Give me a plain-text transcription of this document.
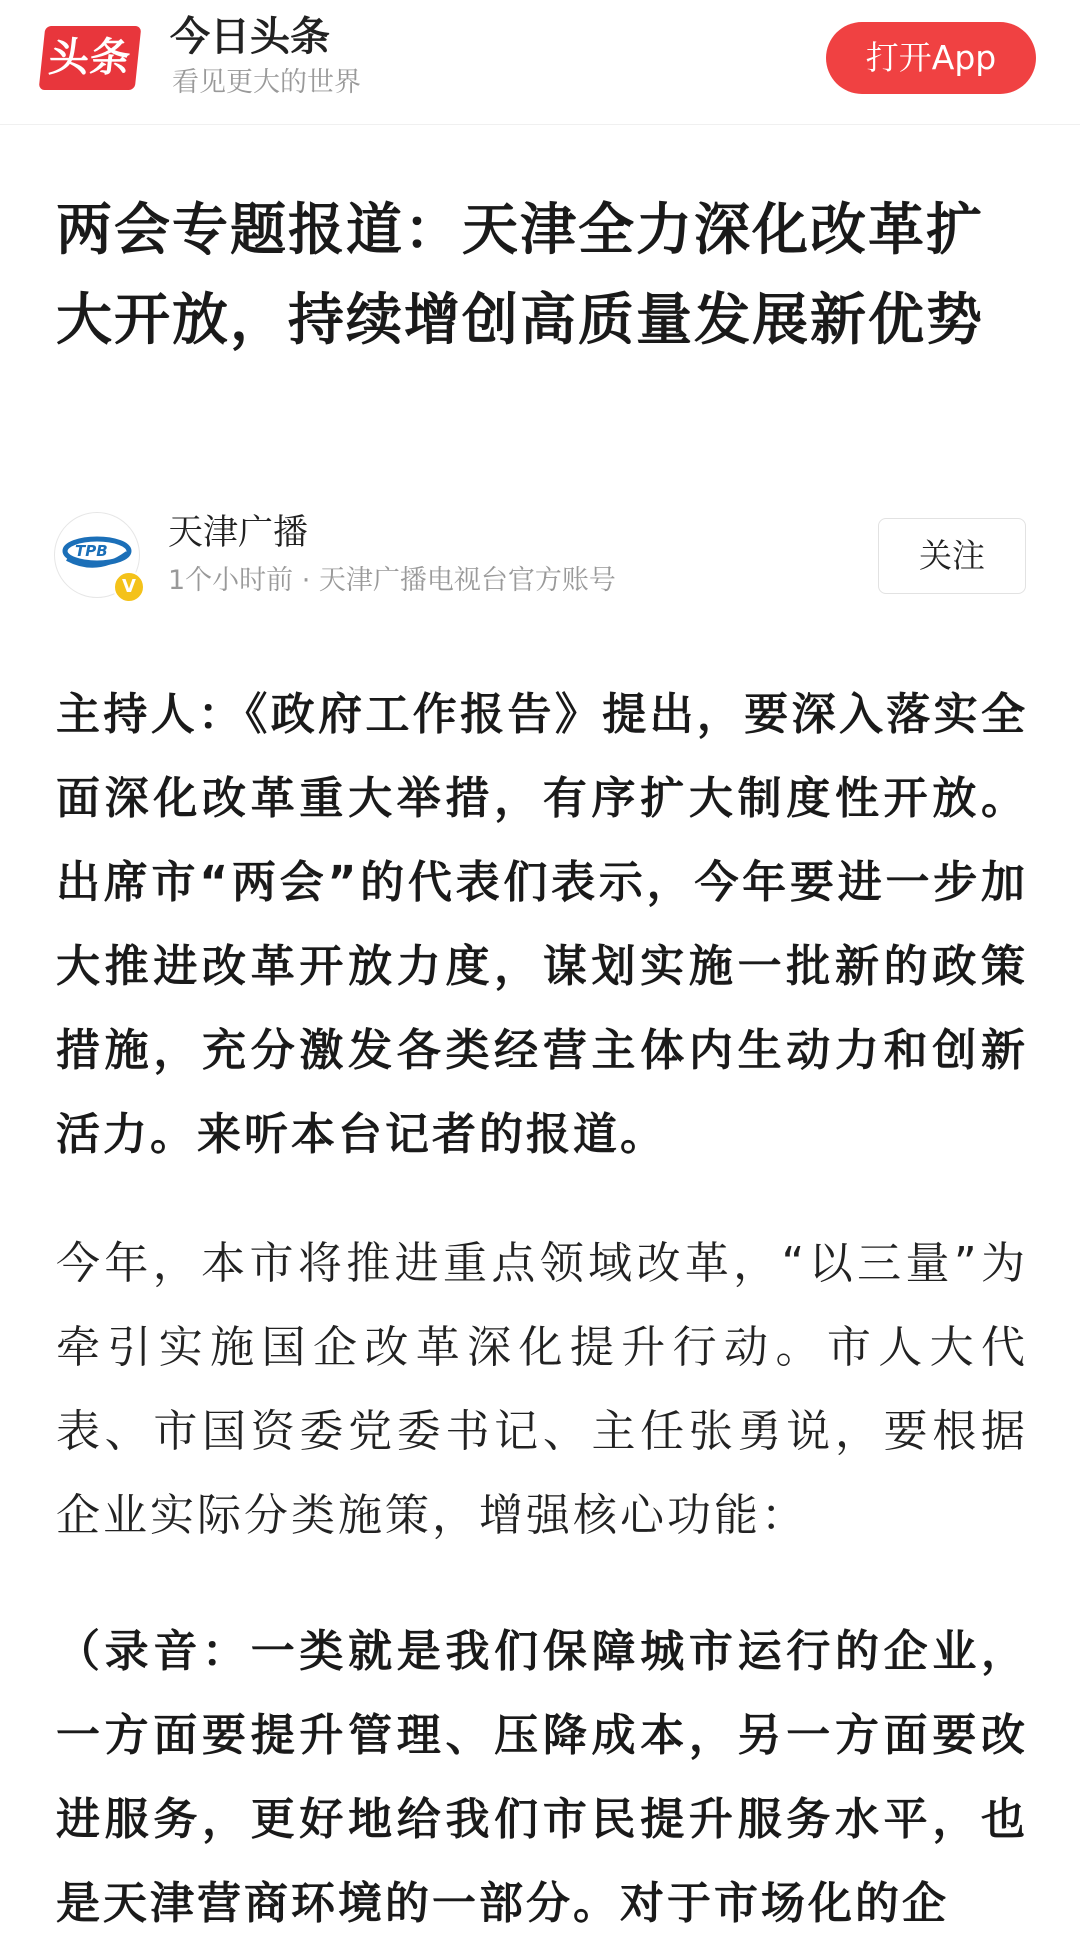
头条 今日头条
看见更大的世界
打开App
两会专题报道：天津全力深化改革扩大开放，持续增创高质量发展新优势
TPB
V
天津广播
1个小时前 · 天津广播电视台官方账号
关注

主持人：《政府工作报告》提出，要深入落实全面深化改革重大举措，有序扩大制度性开放。出席市“两会”的代表们表示，今年要进一步加大推进改革开放力度，谋划实施一批新的政策措施，充分激发各类经营主体内生动力和创新活力。来听本台记者的报道。

今年，本市将推进重点领域改革，“以三量”为牵引实施国企改革深化提升行动。市人大代表、市国资委党委书记、主任张勇说，要根据企业实际分类施策，增强核心功能：

（录音：一类就是我们保障城市运行的企业，一方面要提升管理、压降成本，另一方面要改进服务，更好地给我们市民提升服务水平，也是天津营商环境的一部分。对于市场化的企
